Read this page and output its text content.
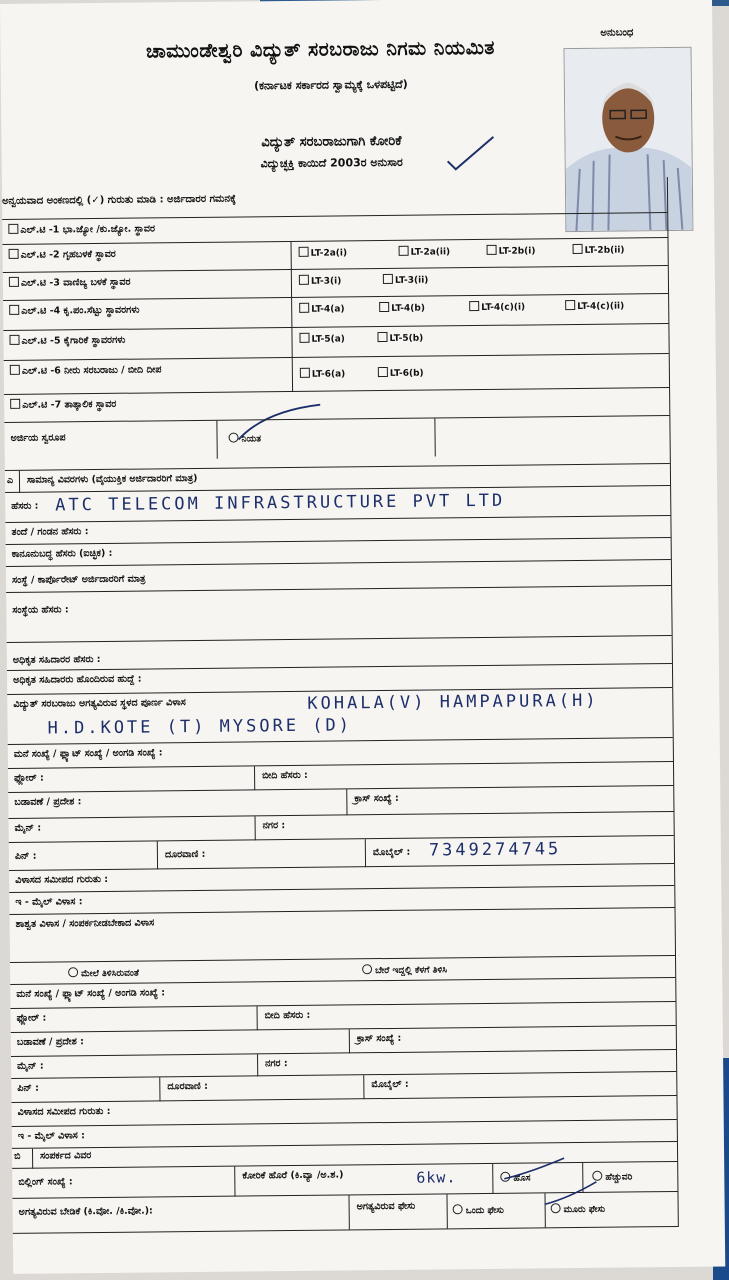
ಅನುಬಂಧ
ಚಾಮುಂಡೇಶ್ವರಿ ವಿದ್ಯುತ್ ಸರಬರಾಜು ನಿಗಮ ನಿಯಮಿತ
(ಕರ್ನಾಟಕ ಸರ್ಕಾರದ ಸ್ವಾಮ್ಯಕ್ಕೆ ಒಳಪಟ್ಟಿದೆ)
ವಿದ್ಯುತ್ ಸರಬರಾಜುಗಾಗಿ ಕೋರಿಕೆ
ವಿದ್ಯುಚ್ಛಕ್ತಿ ಕಾಯಿದೆ 2003ರ ಅನುಸಾರ
ಅನ್ವಯವಾದ ಅಂಕಣದಲ್ಲಿ (✓) ಗುರುತು ಮಾಡಿ : ಅರ್ಜಿದಾರರ ಗಮನಕ್ಕೆ
ಎಲ್.ಟಿ -1 ಭಾ.ಜ್ಯೋ /ಕು.ಜ್ಯೋ. ಸ್ಥಾವರ
ಎಲ್.ಟಿ -2 ಗೃಹಬಳಕೆ ಸ್ಥಾವರ	LT-2a(i)	LT-2a(ii)	LT-2b(i)	LT-2b(ii)
ಎಲ್.ಟಿ -3 ವಾಣಿಜ್ಯ ಬಳಕೆ ಸ್ಥಾವರ	LT-3(i)	LT-3(ii)
ಎಲ್.ಟಿ -4 ಕೃ.ಪಂ.ಸೆಟ್ಟು ಸ್ಥಾವರಗಳು	LT-4(a)	LT-4(b)	LT-4(c)(i)	LT-4(c)(ii)
ಎಲ್.ಟಿ -5 ಕೈಗಾರಿಕೆ ಸ್ಥಾವರಗಳು	LT-5(a)	LT-5(b)
ಎಲ್.ಟಿ -6 ನೀರು ಸರಬರಾಜು / ಬೀದಿ ದೀಪ	LT-6(a)	LT-6(b)
ಎಲ್.ಟಿ -7 ತಾತ್ಕಾಲಿಕ ಸ್ಥಾವರ
ಅರ್ಜಿಯ ಸ್ವರೂಪ	ನಿಯತ
ಎ ಸಾಮಾನ್ಯ ವಿವರಗಳು (ವೈಯುಕ್ತಿಕ ಅರ್ಜಿದಾರರಿಗೆ ಮಾತ್ರ)
ಹೆಸರು : ATC TELECOM INFRASTRUCTURE PVT LTD
ತಂದೆ / ಗಂಡನ ಹೆಸರು :
ಕಾನೂನುಬದ್ಧ ಹೆಸರು (ಐಚ್ಛಿಕ) :
ಸಂಸ್ಥೆ / ಕಾರ್ಪೊರೇಟ್ ಅರ್ಜಿದಾರರಿಗೆ ಮಾತ್ರ
ಸಂಸ್ಥೆಯ ಹೆಸರು :
ಅಧಿಕೃತ ಸಹಿದಾರರ ಹೆಸರು :
ಅಧಿಕೃತ ಸಹಿದಾರರು ಹೊಂದಿರುವ ಹುದ್ದೆ :
ವಿದ್ಯುತ್ ಸರಬರಾಜು ಅಗತ್ಯವಿರುವ ಸ್ಥಳದ ಪೂರ್ಣ ವಿಳಾಸ	KOHALA(V) HAMPAPURA(H)
H.D.KOTE (T) MYSORE (D)
ಮನೆ ಸಂಖ್ಯೆ / ಫ್ಲ್ಯಾಟ್ ಸಂಖ್ಯೆ / ಅಂಗಡಿ ಸಂಖ್ಯೆ :
ಫ್ಲೋರ್ :	ಬೀದಿ ಹೆಸರು :
ಬಡಾವಣೆ / ಪ್ರದೇಶ :	ಕ್ರಾಸ್ ಸಂಖ್ಯೆ :
ಮೈನ್ :	ನಗರ :
ಪಿನ್ :	ದೂರವಾಣಿ :	ಮೊಬೈಲ್ : 7349274745
ವಿಳಾಸದ ಸಮೀಪದ ಗುರುತು :
ಇ - ಮೈಲ್ ವಿಳಾಸ :
ಶಾಶ್ವತ ವಿಳಾಸ / ಸಂಪರ್ಕನೀಡಬೇಕಾದ ವಿಳಾಸ
ಮೇಲೆ ತಿಳಿಸಿರುವಂತೆ	ಬೇರೆ ಇದ್ದಲ್ಲಿ ಕೆಳಗೆ ತಿಳಿಸಿ
ಮನೆ ಸಂಖ್ಯೆ / ಫ್ಲ್ಯಾಟ್ ಸಂಖ್ಯೆ / ಅಂಗಡಿ ಸಂಖ್ಯೆ :
ಫ್ಲೋರ್ :	ಬೀದಿ ಹೆಸರು :
ಬಡಾವಣೆ / ಪ್ರದೇಶ :	ಕ್ರಾಸ್ ಸಂಖ್ಯೆ :
ಮೈನ್ :	ನಗರ :
ಪಿನ್ :	ದೂರವಾಣಿ :	ಮೊಬೈಲ್ :
ವಿಳಾಸದ ಸಮೀಪದ ಗುರುತು :
ಇ - ಮೈಲ್ ವಿಳಾಸ :
ಬಿ ಸಂಪರ್ಕದ ವಿವರ
ಬಿಲ್ಲಿಂಗ್ ಸಂಖ್ಯೆ :
ಕೋರಿಕೆ ಹೊರೆ (ಕಿ.ವ್ಯಾ /ಅ.ಶ.)	6kw.	ಹೊಸ	ಹೆಚ್ಚುವರಿ
ಅಗತ್ಯವಿರುವ ಬೇಡಿಕೆ (ಕಿ.ವೋ. /ಕಿ.ವೋ.):	ಅಗತ್ಯವಿರುವ ಫೇಸು	ಒಂದು ಫೇಸು	ಮೂರು ಫೇಸು
